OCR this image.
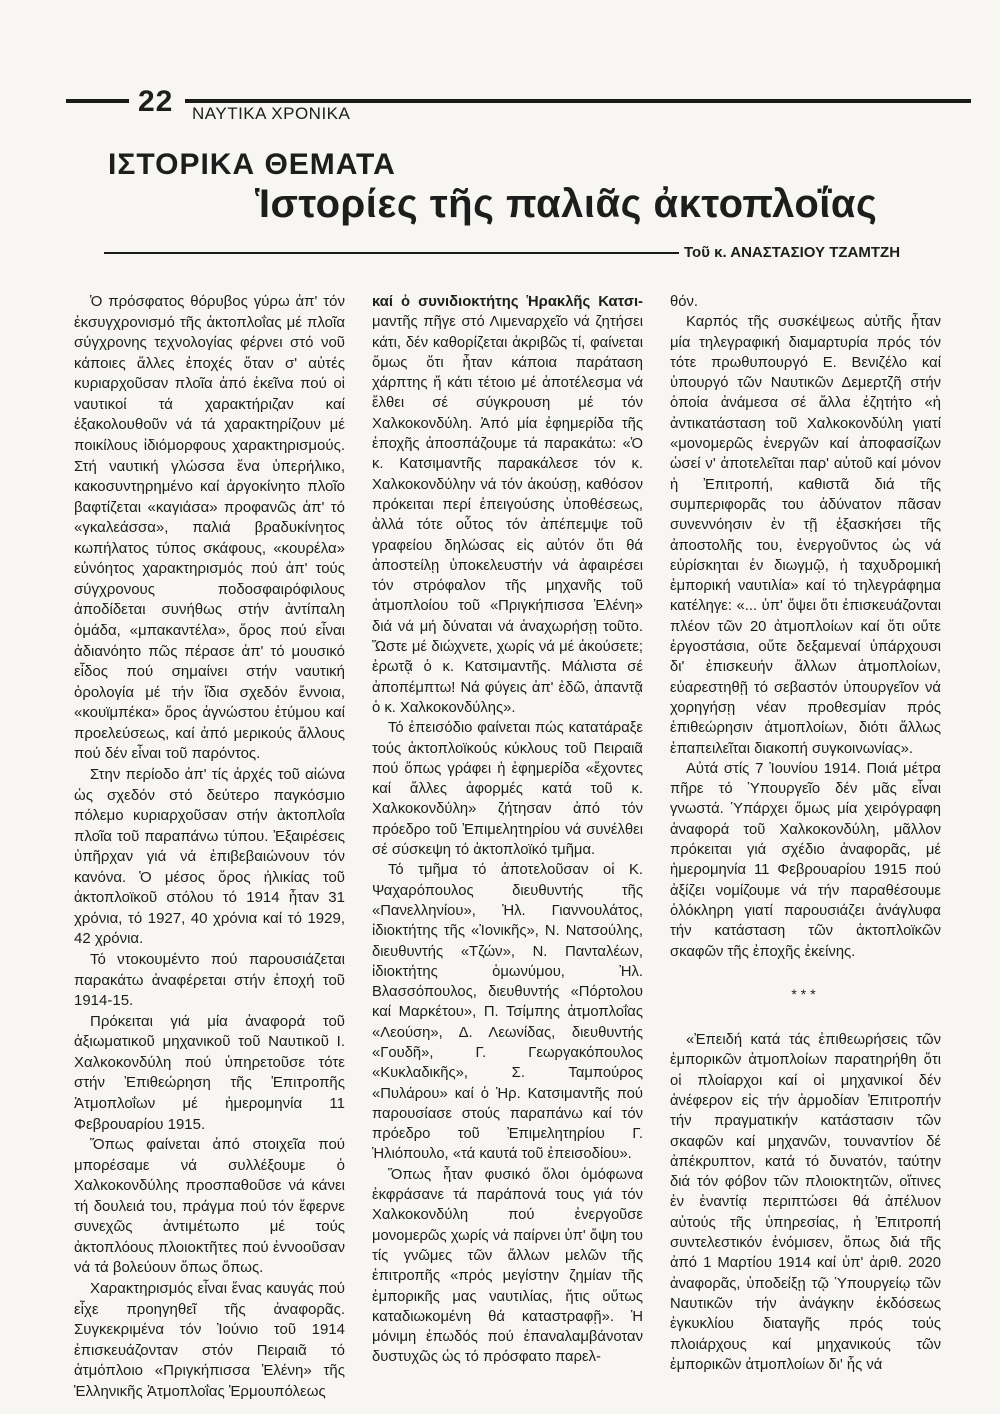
22 ΝΑΥΤΙΚΑ ΧΡΟΝΙΚΑ
ΙΣΤΟΡΙΚΑ ΘΕΜΑΤΑ
Ἱστορίες τῆς παλιᾶς ἀκτοπλοΐας
Τοῦ κ. ΑΝΑΣΤΑΣΙΟΥ ΤΖΑΜΤΖΗ

Ὁ πρόσφατος θόρυβος γύρω ἀπ' τόν ἐκσυγχρονισμό τῆς ἀκτοπλοΐας μέ πλοῖα σύγχρονης τεχνολογίας φέρνει στό νοῦ κάποιες ἄλλες ἐποχές ὅταν σ' αὐτές κυριαρχοῦσαν πλοῖα ἀπό ἐκεῖνα πού οἱ ναυτικοί τά χαρακτήριζαν καί ἐξακολουθοῦν νά τά χαρακτηρίζουν μέ ποικίλους ἰδιόμορφους χαρακτηρισμούς. Στή ναυτική γλώσσα ἕνα ὑπερήλικο, κακοσυντηρημένο καί ἀργοκίνητο πλοῖο βαφτίζεται «καγιάσα» προφανῶς ἀπ' τό «γκαλεάσσα», παλιά βραδυκίνητος κωπήλατος τύπος σκάφους, «κουρέλα» εὐνόητος χαρακτηρισμός πού ἀπ' τούς σύγχρονους ποδοσφαιρόφιλους ἀποδίδεται συνήθως στήν ἀντίπαλη ὁμάδα, «μπακαντέλα», ὅρος πού εἶναι ἀδιανόητο πῶς πέρασε ἀπ' τό μουσικό εἶδος πού σημαίνει στήν ναυτική ὀρολογία μέ τήν ἴδια σχεδόν ἔννοια, «κουϊμπέκα» ὅρος ἀγνώστου ἐτύμου καί προελεύσεως, καί ἀπό μερικούς ἄλλους πού δέν εἶναι τοῦ παρόντος.

Στην περίοδο ἀπ' τίς ἀρχές τοῦ αἰώνα ὡς σχεδόν στό δεύτερο παγκόσμιο πόλεμο κυριαρχοῦσαν στήν ἀκτοπλοΐα πλοῖα τοῦ παραπάνω τύπου. Ἐξαιρέσεις ὑπῆρχαν γιά νά ἐπιβεβαιώνουν τόν κανόνα. Ὁ μέσος ὅρος ἡλικίας τοῦ ἀκτοπλοϊκοῦ στόλου τό 1914 ἦταν 31 χρόνια, τό 1927, 40 χρόνια καί τό 1929, 42 χρόνια.

Τό ντοκουμέντο πού παρουσιάζεται παρακάτω ἀναφέρεται στήν ἐποχή τοῦ 1914-15.

Πρόκειται γιά μία ἀναφορά τοῦ ἀξιωματικοῦ μηχανικοῦ τοῦ Ναυτικοῦ Ι. Χαλκοκονδύλη πού ὑπηρετοῦσε τότε στήν Ἐπιθεώρηση τῆς Ἐπιτροπῆς Ἀτμοπλοΐων μέ ἡμερομηνία 11 Φεβρουαρίου 1915.

Ὅπως φαίνεται ἀπό στοιχεῖα πού μπορέσαμε νά συλλέξουμε ὁ Χαλκοκονδύλης προσπαθοῦσε νά κάνει τή δουλειά του, πράγμα πού τόν ἔφερνε συνεχῶς ἀντιμέτωπο μέ τούς ἀκτοπλόους πλοιοκτῆτες πού ἐννοοῦσαν νά τά βολεύουν ὅπως ὅπως.

Χαρακτηρισμός εἶναι ἕνας καυγάς πού εἶχε προηγηθεῖ τῆς ἀναφορᾶς. Συγκεκριμένα τόν Ἰούνιο τοῦ 1914 ἐπισκευάζονταν στόν Πειραιᾶ τό ἀτμόπλοιο «Πριγκήπισσα Ἑλένη» τῆς Ἑλληνικῆς Ἀτμοπλοΐας Ἑρμουπόλεως

καί ὁ συνιδιοκτήτης Ἡρακλῆς Κατσι-μαντῆς πῆγε στό Λιμεναρχεῖο νά ζητήσει κάτι, δέν καθορίζεται ἀκριβῶς τί, φαίνεται ὅμως ὅτι ἦταν κάποια παράταση χάρπτης ἤ κάτι τέτοιο μέ ἀποτέλεσμα νά ἔλθει σέ σύγκρουση μέ τόν Χαλκοκονδύλη. Ἀπό μία ἐφημερίδα τῆς ἐποχῆς ἀποσπάζουμε τά παρακάτω: «Ὁ κ. Κατσιμαντῆς παρακάλεσε τόν κ. Χαλκοκονδύλην νά τόν ἀκούσῃ, καθόσον πρόκειται περί ἐπειγούσης ὑποθέσεως, ἀλλά τότε οὗτος τόν ἀπέπεμψε τοῦ γραφείου δηλώσας εἰς αὐτόν ὅτι θά ἀποστείλῃ ὑποκελευστήν νά ἀφαιρέσει τόν στρόφαλον τῆς μηχανῆς τοῦ ἀτμοπλοίου τοῦ «Πριγκήπισσα Ἑλένη» διά νά μή δύναται νά ἀναχωρήσῃ τοῦτο. Ὥστε μέ διώχνετε, χωρίς νά μέ ἀκούσετε; ἐρωτᾷ ὁ κ. Κατσιμαντῆς. Μάλιστα σέ ἀποπέμπτω! Νά φύγεις ἀπ' ἐδῶ, ἀπαντᾷ ὁ κ. Χαλκοκονδύλης».

Τό ἐπεισόδιο φαίνεται πώς κατατάραξε τούς ἀκτοπλοϊκούς κύκλους τοῦ Πειραιᾶ πού ὅπως γράφει ἡ ἐφημερίδα «ἔχοντες καί ἄλλες ἀφορμές κατά τοῦ κ. Χαλκοκονδύλη» ζήτησαν ἀπό τόν πρόεδρο τοῦ Ἐπιμελητηρίου νά συνέλθει σέ σύσκεψη τό ἀκτοπλοϊκό τμῆμα.

Τό τμῆμα τό ἀποτελοῦσαν οἱ Κ. Ψαχαρόπουλος διευθυντής τῆς «Πανελληνίου», Ἠλ. Γιαννουλάτος, ἰδιοκτήτης τῆς «Ἰονικῆς», Ν. Νατσούλης, διευθυντής «Τζών», Ν. Πανταλέων, ἰδιοκτήτης ὁμωνύμου, Ἠλ. Βλασσόπουλος, διευθυντής «Πόρτολου καί Μαρκέτου», Π. Τσίμπης ἀτμοπλοΐας «Λεούση», Δ. Λεωνίδας, διευθυντής «Γουδῆ», Γ. Γεωργακόπουλος «Κυκλαδικῆς», Σ. Ταμπούρος «Πυλάρου» καί ὁ Ἡρ. Κατσιμαντῆς πού παρουσίασε στούς παραπάνω καί τόν πρόεδρο τοῦ Ἐπιμελητηρίου Γ. Ἡλιόπουλο, «τά καυτά τοῦ ἐπεισοδίου».

Ὅπως ἦταν φυσικό ὅλοι ὁμόφωνα ἐκφράσανε τά παράπονά τους γιά τόν Χαλκοκονδύλη πού ἐνεργοῦσε μονομερῶς χωρίς νά παίρνει ὑπ' ὄψη του τίς γνῶμες τῶν ἄλλων μελῶν τῆς ἐπιτροπῆς «πρός μεγίστην ζημίαν τῆς ἐμπορικῆς μας ναυτιλίας, ἥτις οὕτως καταδιωκομένη θά καταστραφῇ». Ἡ μόνιμη ἐπωδός πού ἐπαναλαμβάνοταν δυστυχῶς ὡς τό πρόσφατο παρελ-

θόν.

Καρπός τῆς συσκέψεως αὐτῆς ἦταν μία τηλεγραφική διαμαρτυρία πρός τόν τότε πρωθυπουργό Ε. Βενιζέλο καί ὑπουργό τῶν Ναυτικῶν Δεμερτζῆ στήν ὁποία ἀνάμεσα σέ ἄλλα ἐζητήτο «ἡ ἀντικατάσταση τοῦ Χαλκοκονδύλη γιατί «μονομερῶς ἐνεργῶν καί ἀποφασίζων ὡσεί ν' ἀποτελεῖται παρ' αὐτοῦ καί μόνον ἡ Ἐπιτροπή, καθιστᾶ διά τῆς συμπεριφορᾶς του ἀδύνατον πᾶσαν συνεννόησιν ἐν τῇ ἐξασκήσει τῆς ἀποστολῆς του, ἐνεργοῦντος ὡς νά εὑρίσκηται ἐν διωγμῷ, ἡ ταχυδρομική ἐμπορική ναυτιλία» καί τό τηλεγράφημα κατέληγε: «... ὑπ' ὄψει ὅτι ἐπισκευάζονται πλέον τῶν 20 ἀτμοπλοίων καί ὅτι οὔτε ἐργοστάσια, οὔτε δεξαμεναί ὑπάρχουσι δι' ἐπισκευήν ἄλλων ἀτμοπλοίων, εὐαρεστηθῇ τό σεβαστόν ὑπουργεῖον νά χορηγήσῃ νέαν προθεσμίαν πρός ἐπιθεώρησιν ἀτμοπλοίων, διότι ἄλλως ἐπαπειλεῖται διακοπή συγκοινωνίας».

Αὐτά στίς 7 Ἰουνίου 1914. Ποιά μέτρα πῆρε τό Ὑπουργεῖο δέν μᾶς εἶναι γνωστά. Ὑπάρχει ὅμως μία χειρόγραφη ἀναφορά τοῦ Χαλκοκονδύλη, μᾶλλον πρόκειται γιά σχέδιο ἀναφορᾶς, μέ ἡμερομηνία 11 Φεβρουαρίου 1915 πού ἀξίζει νομίζουμε νά τήν παραθέσουμε ὁλόκληρη γιατί παρουσιάζει ἀνάγλυφα τήν κατάσταση τῶν ἀκτοπλοϊκῶν σκαφῶν τῆς ἐποχῆς ἐκείνης.

***

«Ἐπειδή κατά τάς ἐπιθεωρήσεις τῶν ἐμπορικῶν ἀτμοπλοίων παρατηρήθη ὅτι οἱ πλοίαρχοι καί οἱ μηχανικοί δέν ἀνέφερον εἰς τήν ἁρμοδίαν Ἐπιτροπήν τήν πραγματικήν κατάστασιν τῶν σκαφῶν καί μηχανῶν, τουναντίον δέ ἀπέκρυπτον, κατά τό δυνατόν, ταύτην διά τόν φόβον τῶν πλοιοκτητῶν, οἵτινες ἐν ἐναντίᾳ περιπτώσει θά ἀπέλυον αὐτούς τῆς ὑπηρεσίας, ἡ Ἐπιτροπή συντελεστικόν ἐνόμισεν, ὅπως διά τῆς ἀπό 1 Μαρτίου 1914 καί ὑπ' ἀριθ. 2020 ἀναφορᾶς, ὑποδείξῃ τῷ Ὑπουργείῳ τῶν Ναυτικῶν τήν ἀνάγκην ἐκδόσεως ἐγκυκλίου διαταγῆς πρός τούς πλοιάρχους καί μηχανικούς τῶν ἐμπορικῶν ἀτμοπλοίων δι' ἧς νά
